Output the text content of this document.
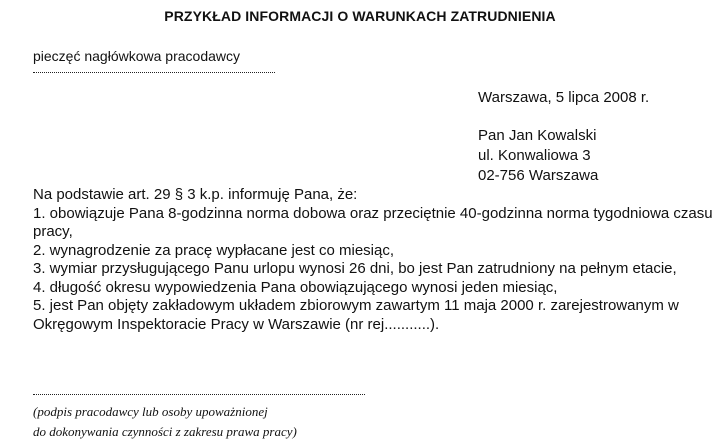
PRZYKŁAD INFORMACJI O WARUNKACH ZATRUDNIENIA
pieczęć nagłówkowa pracodawcy
Warszawa, 5 lipca 2008 r.
Pan Jan Kowalski
ul. Konwaliowa 3
02-756 Warszawa

Na podstawie art. 29 § 3 k.p. informuję Pana, że:

1. obowiązuje Pana 8-godzinna norma dobowa oraz przeciętnie 40-godzinna norma tygodniowa czasu pracy,

2. wynagrodzenie za pracę wypłacane jest co miesiąc,

3. wymiar przysługującego Panu urlopu wynosi 26 dni, bo jest Pan zatrudniony na pełnym etacie,

4. długość okresu wypowiedzenia Pana obowiązującego wynosi jeden miesiąc,

5. jest Pan objęty zakładowym układem zbiorowym zawartym 11 maja 2000 r. zarejestrowanym w Okręgowym Inspektoracie Pracy w Warszawie (nr rej...........).

(podpis pracodawcy lub osoby upoważnionej
do dokonywania czynności z zakresu prawa pracy)
